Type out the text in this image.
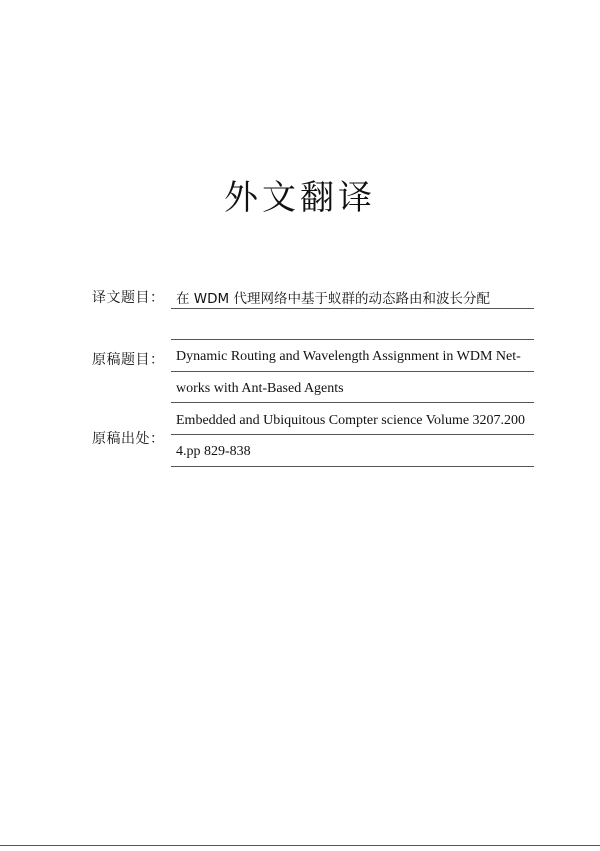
外文翻译
译文题目： 在 WDM 代理网络中基于蚁群的动态路由和波长分配
原稿题目： Dynamic Routing and Wavelength Assignment in WDM Net-
works with Ant-Based Agents
Embedded and Ubiquitous Compter science Volume 3207.200
原稿出处：
4.pp 829-838
